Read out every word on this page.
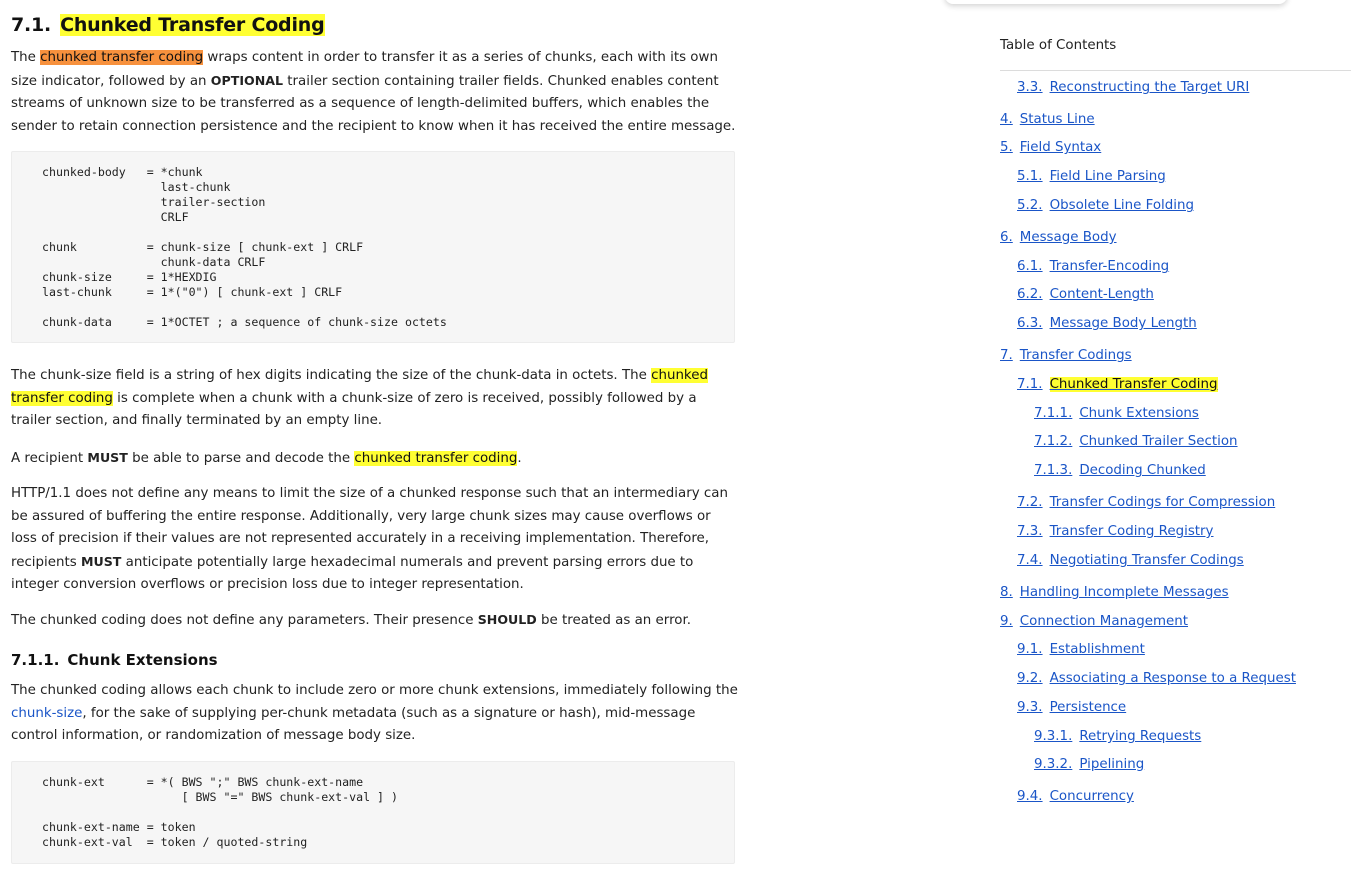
7.1. Chunked Transfer Coding

The chunked transfer coding wraps content in order to transfer it as a series of chunks, each with its own size indicator, followed by an OPTIONAL trailer section containing trailer fields. Chunked enables content streams of unknown size to be transferred as a sequence of length-delimited buffers, which enables the sender to retain connection persistence and the recipient to know when it has received the entire message.

chunked-body   = *chunk
last-chunk
trailer-section
CRLF

chunk          = chunk-size [ chunk-ext ] CRLF
chunk-data CRLF
chunk-size     = 1*HEXDIG
last-chunk     = 1*("0") [ chunk-ext ] CRLF

chunk-data     = 1*OCTET ; a sequence of chunk-size octets

The chunk-size field is a string of hex digits indicating the size of the chunk-data in octets. The chunked transfer coding is complete when a chunk with a chunk-size of zero is received, possibly followed by a trailer section, and finally terminated by an empty line.

A recipient MUST be able to parse and decode the chunked transfer coding.

HTTP/1.1 does not define any means to limit the size of a chunked response such that an intermediary can be assured of buffering the entire response. Additionally, very large chunk sizes may cause overflows or loss of precision if their values are not represented accurately in a receiving implementation. Therefore, recipients MUST anticipate potentially large hexadecimal numerals and prevent parsing errors due to integer conversion overflows or precision loss due to integer representation.

The chunked coding does not define any parameters. Their presence SHOULD be treated as an error.

7.1.1. Chunk Extensions

The chunked coding allows each chunk to include zero or more chunk extensions, immediately following the chunk-size, for the sake of supplying per-chunk metadata (such as a signature or hash), mid-message control information, or randomization of message body size.

chunk-ext      = *( BWS ";" BWS chunk-ext-name
[ BWS "=" BWS chunk-ext-val ] )

chunk-ext-name = token
chunk-ext-val  = token / quoted-string
Table of Contents
3.3. Reconstructing the Target URI
4. Status Line
5. Field Syntax
5.1. Field Line Parsing
5.2. Obsolete Line Folding
6. Message Body
6.1. Transfer-Encoding
6.2. Content-Length
6.3. Message Body Length
7. Transfer Codings
7.1. Chunked Transfer Coding
7.1.1. Chunk Extensions
7.1.2. Chunked Trailer Section
7.1.3. Decoding Chunked
7.2. Transfer Codings for Compression
7.3. Transfer Coding Registry
7.4. Negotiating Transfer Codings
8. Handling Incomplete Messages
9. Connection Management
9.1. Establishment
9.2. Associating a Response to a Request
9.3. Persistence
9.3.1. Retrying Requests
9.3.2. Pipelining
9.4. Concurrency
